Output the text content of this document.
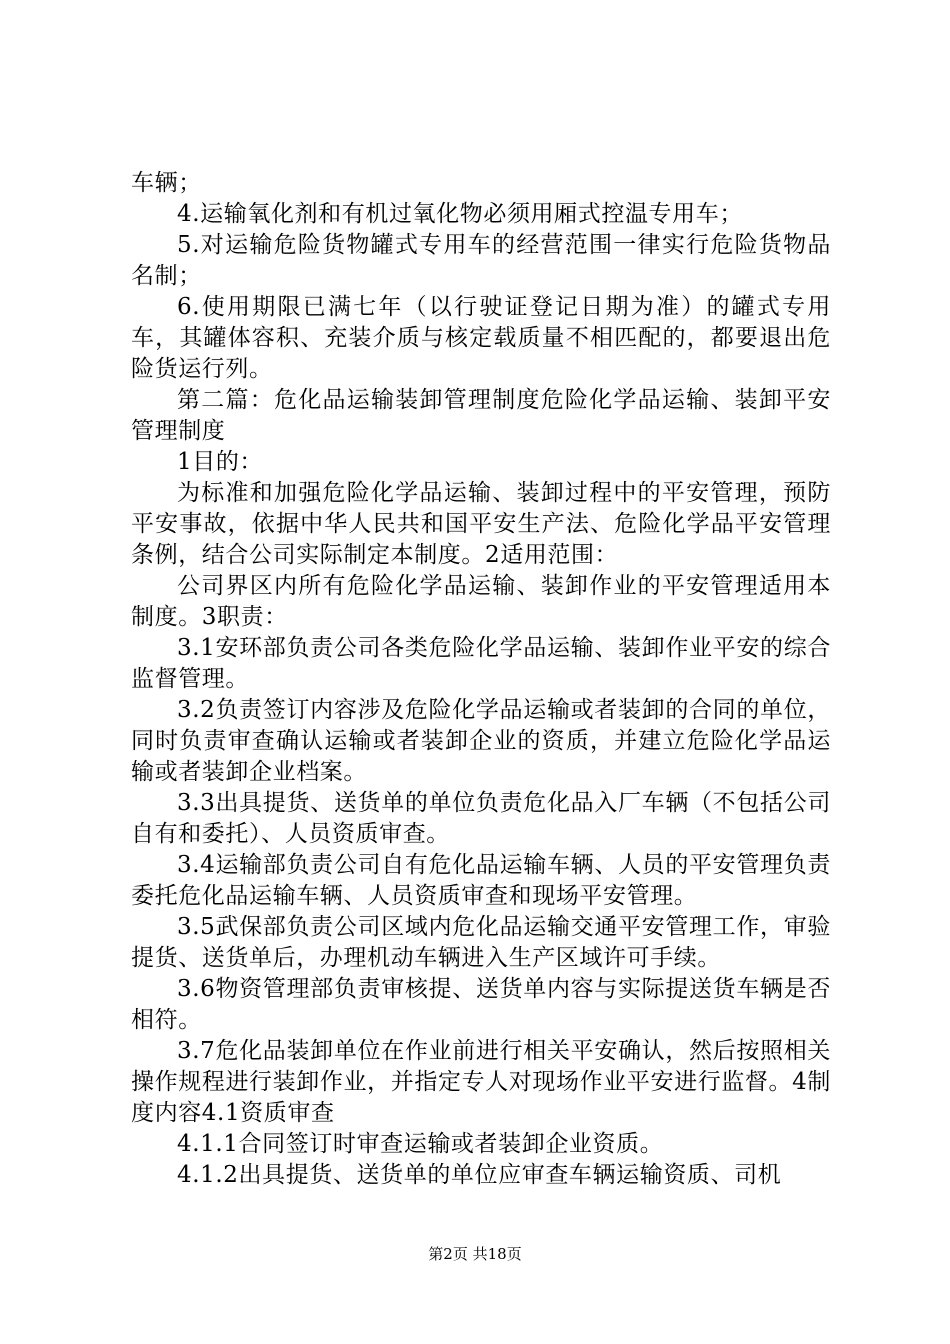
车辆；

4.运输氧化剂和有机过氧化物必须用厢式控温专用车；

5.对运输危险货物罐式专用车的经营范围一律实行危险货物品名制；

6.使用期限已满七年（以行驶证登记日期为准）的罐式专用车，其罐体容积、充装介质与核定载质量不相匹配的，都要退出危险货运行列。

第二篇：危化品运输装卸管理制度危险化学品运输、装卸平安管理制度

1目的：

为标准和加强危险化学品运输、装卸过程中的平安管理，预防平安事故，依据中华人民共和国平安生产法、危险化学品平安管理条例，结合公司实际制定本制度。2适用范围：

公司界区内所有危险化学品运输、装卸作业的平安管理适用本制度。3职责：

3.1安环部负责公司各类危险化学品运输、装卸作业平安的综合监督管理。

3.2负责签订内容涉及危险化学品运输或者装卸的合同的单位，同时负责审查确认运输或者装卸企业的资质，并建立危险化学品运输或者装卸企业档案。

3.3出具提货、送货单的单位负责危化品入厂车辆（不包括公司自有和委托）、人员资质审查。

3.4运输部负责公司自有危化品运输车辆、人员的平安管理负责委托危化品运输车辆、人员资质审查和现场平安管理。

3.5武保部负责公司区域内危化品运输交通平安管理工作，审验提货、送货单后，办理机动车辆进入生产区域许可手续。

3.6物资管理部负责审核提、送货单内容与实际提送货车辆是否相符。

3.7危化品装卸单位在作业前进行相关平安确认，然后按照相关操作规程进行装卸作业，并指定专人对现场作业平安进行监督。4制度内容4.1资质审查

4.1.1合同签订时审查运输或者装卸企业资质。

4.1.2出具提货、送货单的单位应审查车辆运输资质、司机

第2页 共18页
